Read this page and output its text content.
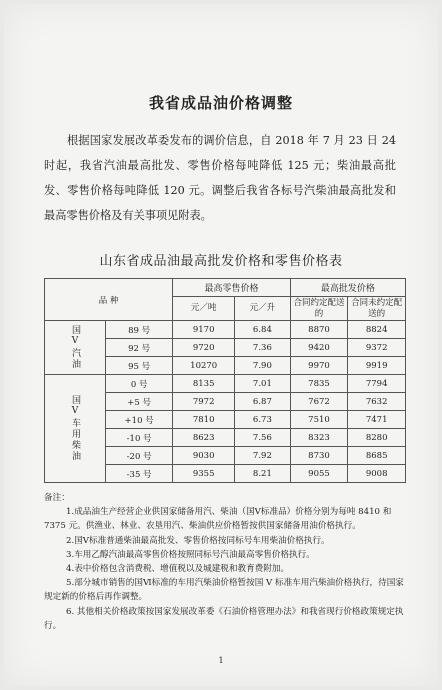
我省成品油价格调整
根据国家发展改革委发布的调价信息，自 2018 年 7 月 23 日 24 时起，我省汽油最高批发、零售价格每吨降低 125 元；柴油最高批发、零售价格每吨降低 120 元。调整后我省各标号汽柴油最高批发和最高零售价格及有关事项见附表。
山东省成品油最高批发价格和零售价格表
品 种		最高零售价格		最高批发价格	
		元／吨	元／升	合同约定配送的	合同未约定配送的
国V汽油	89 号	9170	6.84	8870	8824
	92 号	9720	7.36	9420	9372
	95 号	10270	7.90	9970	9919
国V车用柴油	0 号	8135	7.01	7835	7794
	+5 号	7972	6.87	7672	7632
	+10 号	7810	6.73	7510	7471
	-10 号	8623	7.56	8323	8280
	-20 号	9030	7.92	8730	8685
	-35 号	9355	8.21	9055	9008
备注：
1.成品油生产经营企业供国家储备用汽、柴油（国V标准品）价格分别为每吨 8410 和 7375 元。供渔业、林业、农垦用汽、柴油供应价格暂按供国家储备用油价格执行。
2.国Ⅴ标准普通柴油最高批发、零售价格按同标号车用柴油价格执行。
3.车用乙醇汽油最高零售价格按照同标号汽油最高零售价格执行。
4.表中价格包含消费税、增值税以及城建税和教育费附加。
5.部分城市销售的国Ⅵ标准的车用汽柴油价格暂按国 V 标准车用汽柴油价格执行，待国家规定新的价格后再作调整。
6. 其他相关价格政策按国家发展改革委《石油价格管理办法》和我省现行价格政策规定执行。
1
